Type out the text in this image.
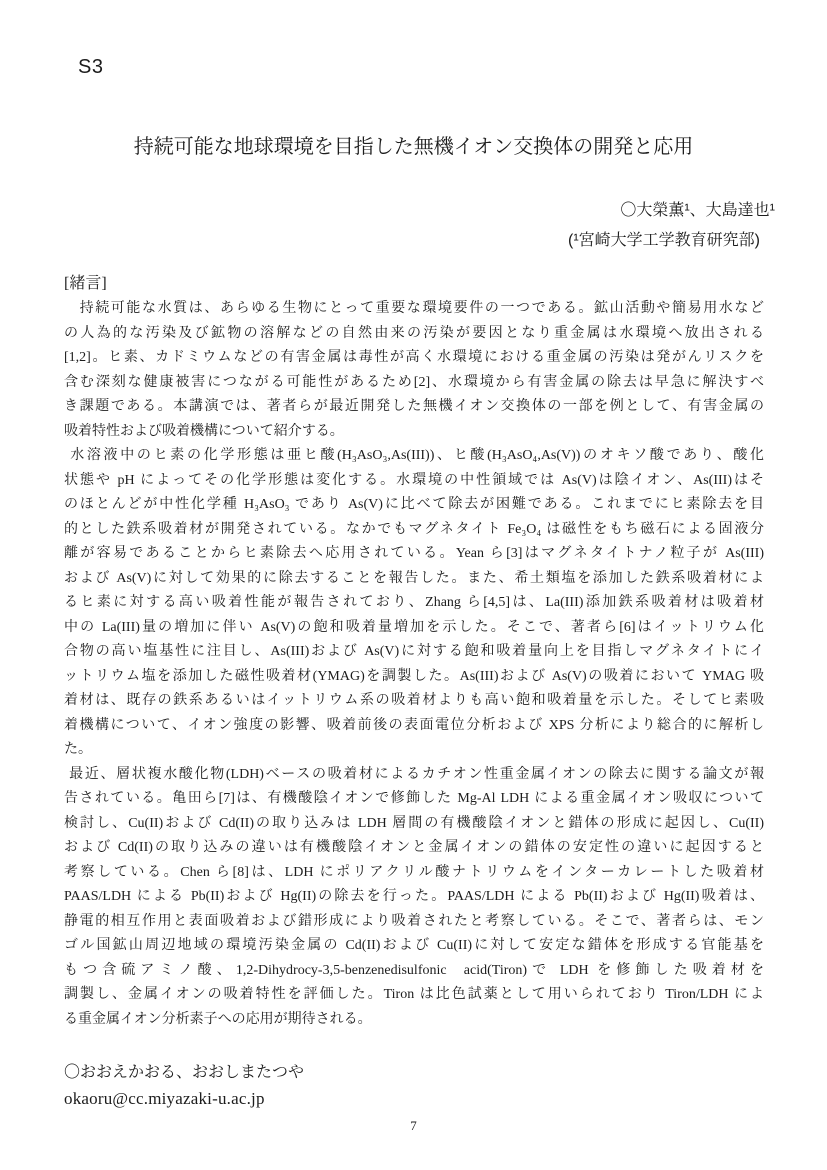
S3
持続可能な地球環境を目指した無機イオン交換体の開発と応用
〇大榮薫¹、大島達也¹
(¹宮崎大学工学教育研究部)
[緒言]
　持続可能な水質は、あらゆる生物にとって重要な環境要件の一つである。鉱山活動や簡易用水など
の人為的な汚染及び鉱物の溶解などの自然由来の汚染が要因となり重金属は水環境へ放出される
[1,2]。ヒ素、カドミウムなどの有害金属は毒性が高く水環境における重金属の汚染は発がんリスクを
含む深刻な健康被害につながる可能性があるため[2]、水環境から有害金属の除去は早急に解決すべ
き課題である。本講演では、著者らが最近開発した無機イオン交換体の一部を例として、有害金属の
吸着特性および吸着機構について紹介する。
水溶液中のヒ素の化学形態は亜ヒ酸(H₃AsO₃,As(III))、ヒ酸(H₃AsO₄,As(V))のオキソ酸であり、酸化
状態や pH によってその化学形態は変化する。水環境の中性領域では As(V)は陰イオン、As(III)はそ
のほとんどが中性化学種 H₃AsO₃ であり As(V)に比べて除去が困難である。これまでにヒ素除去を目
的とした鉄系吸着材が開発されている。なかでもマグネタイト Fe₃O₄ は磁性をもち磁石による固液分
離が容易であることからヒ素除去へ応用されている。Yean ら[3]はマグネタイトナノ粒子が As(III)
および As(V)に対して効果的に除去することを報告した。また、希土類塩を添加した鉄系吸着材によ
るヒ素に対する高い吸着性能が報告されており、Zhang ら[4,5]は、La(III)添加鉄系吸着材は吸着材
中の La(III)量の増加に伴い As(V)の飽和吸着量増加を示した。そこで、著者ら[6]はイットリウム化
合物の高い塩基性に注目し、As(III)および As(V)に対する飽和吸着量向上を目指しマグネタイトにイ
ットリウム塩を添加した磁性吸着材(YMAG)を調製した。As(III)および As(V)の吸着において YMAG 吸
着材は、既存の鉄系あるいはイットリウム系の吸着材よりも高い飽和吸着量を示した。そしてヒ素吸
着機構について、イオン強度の影響、吸着前後の表面電位分析および XPS 分析により総合的に解析し
た。
最近、層状複水酸化物(LDH)ベースの吸着材によるカチオン性重金属イオンの除去に関する論文が報
告されている。亀田ら[7]は、有機酸陰イオンで修飾した Mg-Al LDH による重金属イオン吸収について
検討し、Cu(II)および Cd(II)の取り込みは LDH 層間の有機酸陰イオンと錯体の形成に起因し、Cu(II)
および Cd(II)の取り込みの違いは有機酸陰イオンと金属イオンの錯体の安定性の違いに起因すると
考察している。Chen ら[8]は、LDH にポリアクリル酸ナトリウムをインターカレートした吸着材
PAAS/LDH による Pb(II)および Hg(II)の除去を行った。PAAS/LDH による Pb(II)および Hg(II)吸着は、
静電的相互作用と表面吸着および錯形成により吸着されたと考察している。そこで、著者らは、モン
ゴル国鉱山周辺地域の環境汚染金属の Cd(II)および Cu(II)に対して安定な錯体を形成する官能基を
もつ含硫アミノ酸、1,2-Dihydrocy-3,5-benzenedisulfonic  acid(Tiron)で LDH を修飾した吸着材を
調製し、金属イオンの吸着特性を評価した。Tiron は比色試薬として用いられており Tiron/LDH によ
る重金属イオン分析素子への応用が期待される。
〇おおえかおる、おおしまたつや
okaoru@cc.miyazaki-u.ac.jp
7
